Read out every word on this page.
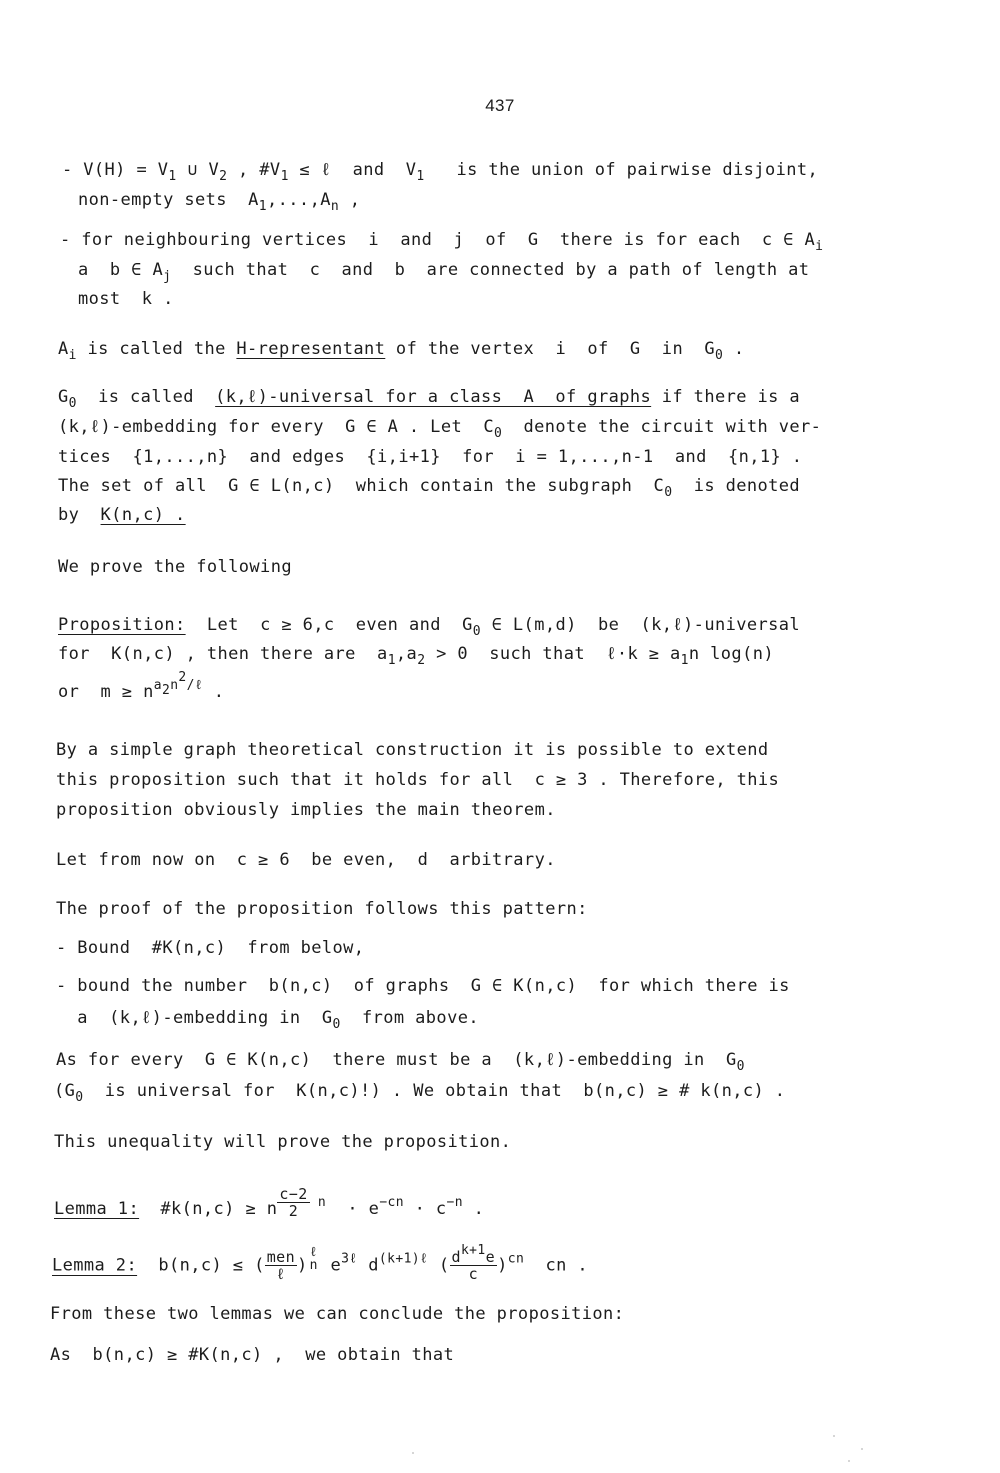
437
- $V(H) = V_1$ ∪ $V_2$ , $\#V_1$ ≤ ℓ  and  $V_1$   is the union of pairwise disjoint,
non-empty sets  $A_1,...,A_n$ ,
- for neighbouring vertices  i  and  j  of  G  there is for each  c ∈ $A_i$
a  b ∈ $A_j$  such that  c  and  b  are connected by a path of length at
most  k .
$A_i$ is called the H-representant of the vertex  i  of  G  in  $G_0$ .
$G_0$  is called  (k,ℓ)-universal for a class  A  of graphs if there is a
(k,ℓ)-embedding for every  G ∈ A . Let  $C_0$  denote the circuit with ver-
tices  {1,...,n}  and edges  {i,i+1}  for  i = 1,...,n-1  and  {n,1} .
The set of all  G ∈ L(n,c)  which contain the subgraph  $C_0$  is denoted
by  K(n,c) .
We prove the following
Proposition:  Let  c ≥ 6,c  even and  $G_0$ ∈ L(m,d)  be  (k,ℓ)-universal
for  K(n,c) , then there are  $a_1,a_2 > 0$  such that  ℓ·k ≥ $a_1n$ log(n)
or  $m \ge n^{a_2n^2/\ell}$ .
By a simple graph theoretical construction it is possible to extend
this proposition such that it holds for all  c ≥ 3 . Therefore, this
proposition obviously implies the main theorem.
Let from now on  c ≥ 6  be even,  d  arbitrary.
The proof of the proposition follows this pattern:
- Bound  #K(n,c)  from below,
- bound the number  b(n,c)  of graphs  G ∈ K(n,c)  for which there is
a  (k,ℓ)-embedding in  $G_0$  from above.
As for every  G ∈ K(n,c)  there must be a  (k,ℓ)-embedding in  $G_0$
($G_0$  is universal for  K(n,c)!) . We obtain that  b(n,c) ≥ # k(n,c) .
This unequality will prove the proposition.
Lemma 1:  #k(n,c) ≥ n $^{\frac{c-2}{2} n} \cdot e^{-cn} \cdot c^{-n}$ .
Lemma 2:  b(n,c) ≤ ( $\frac{\text{men}}{\text{ℓ}}$ )
$^{\ell n}$ $e^{3\ell}$ $d^{(k+1)\ell}$ ( $\frac{d^{k+1}e}{c} )^{cn}$  cn .
From these two lemmas we can conclude the proposition:
As  b(n,c) ≥ #K(n,c) ,  we obtain that
